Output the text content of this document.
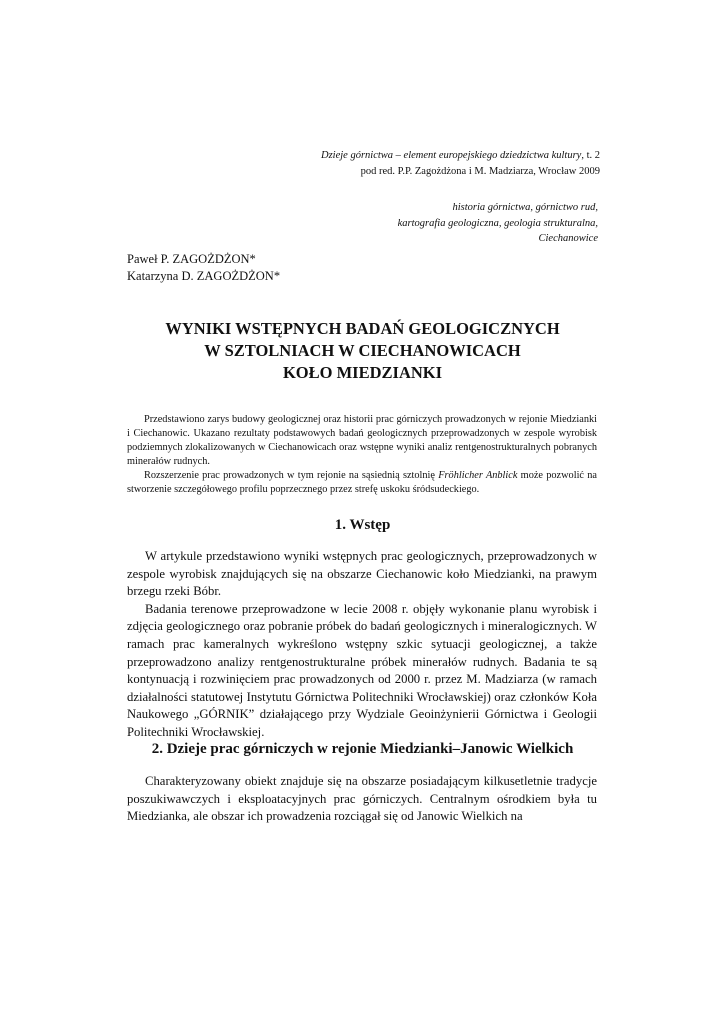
Dzieje górnictwa – element europejskiego dziedzictwa kultury, t. 2
pod red. P.P. Zagożdżona i M. Madziarza, Wrocław 2009
historia górnictwa, górnictwo rud,
kartografia geologiczna, geologia strukturalna,
Ciechanowice
Paweł P. ZAGOŻDŻON*
Katarzyna D. ZAGOŻDŻON*
WYNIKI WSTĘPNYCH BADAŃ GEOLOGICZNYCH
W SZTOLNIACH W CIECHANOWICACH
KOŁO MIEDZIANKI

Przedstawiono zarys budowy geologicznej oraz historii prac górniczych prowadzonych w rejonie Miedzianki i Ciechanowic. Ukazano rezultaty podstawowych badań geologicznych przeprowadzonych w zespole wyrobisk podziemnych zlokalizowanych w Ciechanowicach oraz wstępne wyniki analiz rentgenostrukturalnych pobranych minerałów rudnych.

Rozszerzenie prac prowadzonych w tym rejonie na sąsiednią sztolnię Fröhlicher Anblick może pozwolić na stworzenie szczegółowego profilu poprzecznego przez strefę uskoku śródsudeckiego.

1. Wstęp

W artykule przedstawiono wyniki wstępnych prac geologicznych, przeprowadzonych w zespole wyrobisk znajdujących się na obszarze Ciechanowic koło Miedzianki, na prawym brzegu rzeki Bóbr.

Badania terenowe przeprowadzone w lecie 2008 r. objęły wykonanie planu wyrobisk i zdjęcia geologicznego oraz pobranie próbek do badań geologicznych i mineralogicznych. W ramach prac kameralnych wykreślono wstępny szkic sytuacji geologicznej, a także przeprowadzono analizy rentgenostrukturalne próbek minerałów rudnych. Badania te są kontynuacją i rozwinięciem prac prowadzonych od 2000 r. przez M. Madziarza (w ramach działalności statutowej Instytutu Górnictwa Politechniki Wrocławskiej) oraz członków Koła Naukowego „GÓRNIK” działającego przy Wydziale Geoinżynierii Górnictwa i Geologii Politechniki Wrocławskiej.

2. Dzieje prac górniczych w rejonie Miedzianki–Janowic Wielkich

Charakteryzowany obiekt znajduje się na obszarze posiadającym kilkusetletnie tradycje poszukiwawczych i eksploatacyjnych prac górniczych. Centralnym ośrodkiem była tu Miedzianka, ale obszar ich prowadzenia rozciągał się od Janowic Wielkich na
